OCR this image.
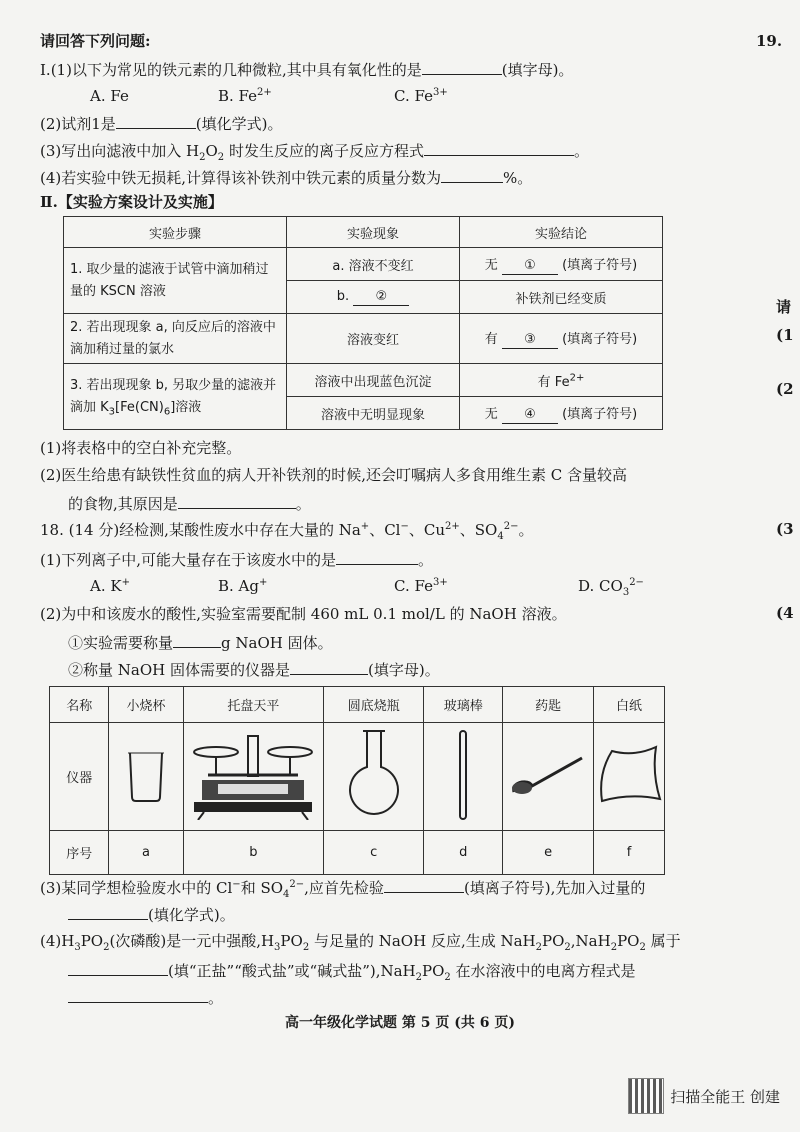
请回答下列问题:	19.
Ⅰ.(1)以下为常见的铁元素的几种微粒,其中具有氧化性的是	(填字母)。
A. Fe	B. $Fe^{2+}$	C. $Fe^{3+}$
(2)试剂1是	(填化学式)。
(3)写出向滤液中加入 $H_2O_2$ 时发生反应的离子反应方程式	。
(4)若实验中铁无损耗,计算得该补铁剂中铁元素的质量分数为	%。
Ⅱ.【实验方案设计及实施】
实验步骤	实验现象	实验结论
1. 取少量的滤液于试管中滴加稍过量的 KSCN 溶液	a. 溶液不变红	无 ① (填离子符号)
	b. ②	补铁剂已经变质
2. 若出现现象 a, 向反应后的溶液中滴加稍过量的氯水	溶液变红	有 ③ (填离子符号)
3. 若出现现象 b, 另取少量的滤液并滴加 $K_3[Fe(CN)_6]$溶液	溶液中出现蓝色沉淀	有 $Fe^{2+}$
	溶液中无明显现象	无 ④ (填离子符号)
(1)将表格中的空白补充完整。
(2)医生给患有缺铁性贫血的病人开补铁剂的时候,还会叮嘱病人多食用维生素 C 含量较高
的食物,其原因是	。
18. (14 分)经检测,某酸性废水中存在大量的 Na+、Cl−、$Cu^{2+}$、$SO_4^{2-}$。
(1)下列离子中,可能大量存在于该废水中的是	。
A. K+	B. Ag+	C. $Fe^{3+}$	D. $CO_3^{2-}$
(2)为中和该废水的酸性,实验室需要配制 460 mL 0.1 mol/L 的 NaOH 溶液。
①实验需要称量	g NaOH 固体。
②称量 NaOH 固体需要的仪器是	(填字母)。
名称	小烧杯	托盘天平	圆底烧瓶	玻璃棒	药匙	白纸
仪器						
序号	a	b	c	d	e	f
(3)某同学想检验废水中的 Cl−和 $SO_4^{2-}$,应首先检验	(填离子符号),先加入过量的
(填化学式)。
$(4)H_3PO_2$(次磷酸)是一元中强酸$,H_3PO_2$ 与足量的 NaOH 反应,生成 $NaH_2PO_2,NaH_2PO_2$ 属于
(填“正盐”“酸式盐”或“碱式盐$”),NaH_2PO_2$ 在水溶液中的电离方程式是
。
请
(1
(2
(3
(4
高一年级化学试题 第 5 页 (共 6 页)
扫描全能王 创建
